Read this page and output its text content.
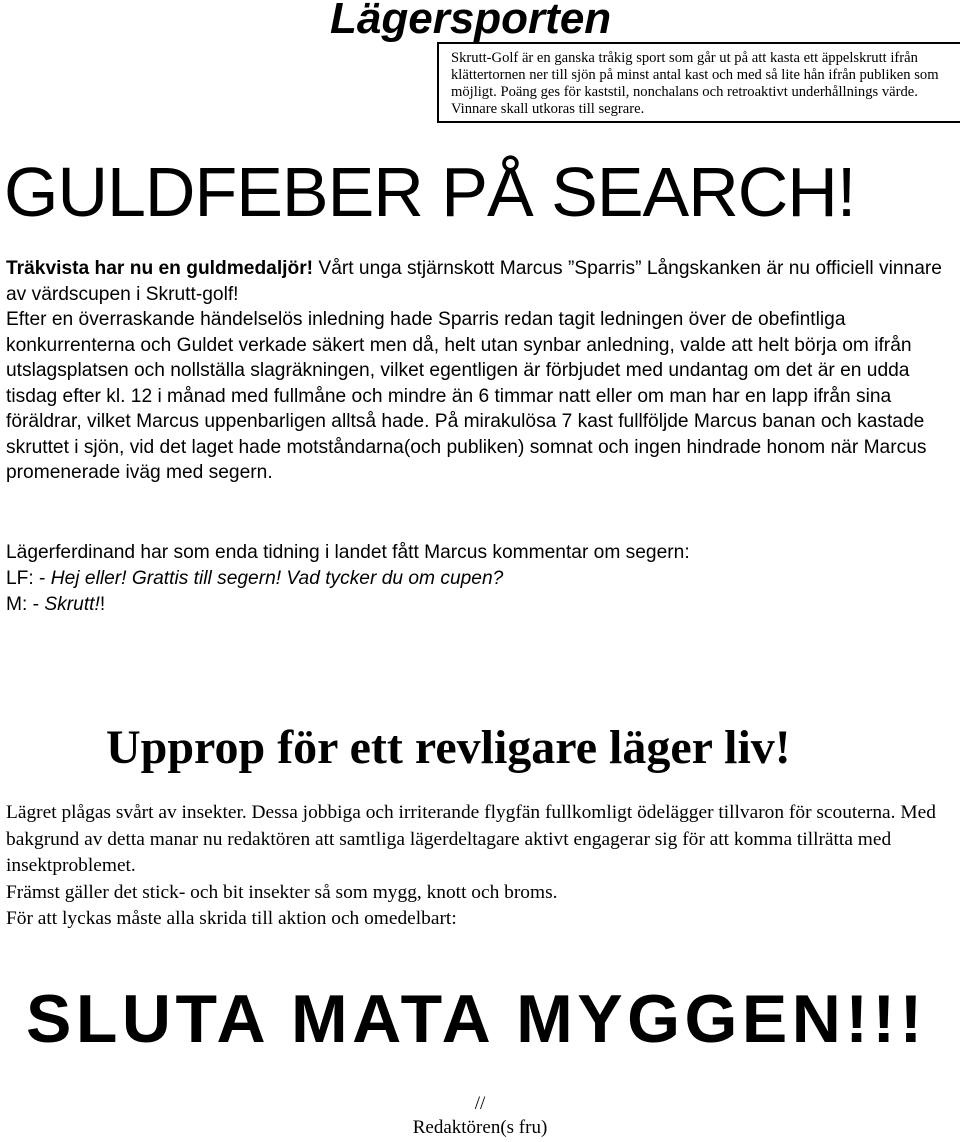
Lägersporten
Skrutt-Golf är en ganska tråkig sport som går ut på att kasta ett äppelskrutt ifrån klättertornen ner till sjön på minst antal kast och med så lite hån ifrån publiken som möjligt. Poäng ges för kaststil, nonchalans och retroaktivt underhållnings värde. Vinnare skall utkoras till segrare.
GULDFEBER PÅ SEARCH!

Träkvista har nu en guldmedaljör! Vårt unga stjärnskott Marcus ”Sparris” Långskanken är nu officiell vinnare av värdscupen i Skrutt-golf!

Efter en överraskande händelselös inledning hade Sparris redan tagit ledningen över de obefintliga konkurrenterna och Guldet verkade säkert men då, helt utan synbar anledning, valde att helt börja om ifrån utslagsplatsen och nollställa slagräkningen, vilket egentligen är förbjudet med undantag om det är en udda tisdag efter kl. 12 i månad med fullmåne och mindre än 6 timmar natt eller om man har en lapp ifrån sina föräldrar, vilket Marcus uppenbarligen alltså hade. På mirakulösa 7 kast fullföljde Marcus banan och kastade skruttet i sjön, vid det laget hade motståndarna(och publiken) somnat och ingen hindrade honom när Marcus promenerade iväg med segern.

Lägerferdinand har som enda tidning i landet fått Marcus kommentar om segern:
LF: - Hej eller! Grattis till segern! Vad tycker du om cupen?
M: - Skrutt!!
Upprop för ett revligare läger liv!

Lägret plågas svårt av insekter. Dessa jobbiga och irriterande flygfän fullkomligt ödelägger tillvaron för scouterna. Med bakgrund av detta manar nu redaktören att samtliga lägerdeltagare aktivt engagerar sig för att komma tillrätta med insektproblemet.

Främst gäller det stick- och bit insekter så som mygg, knott och broms.

För att lyckas måste alla skrida till aktion och omedelbart:

SLUTA MATA MYGGEN!!!
//
Redaktören(s fru)
